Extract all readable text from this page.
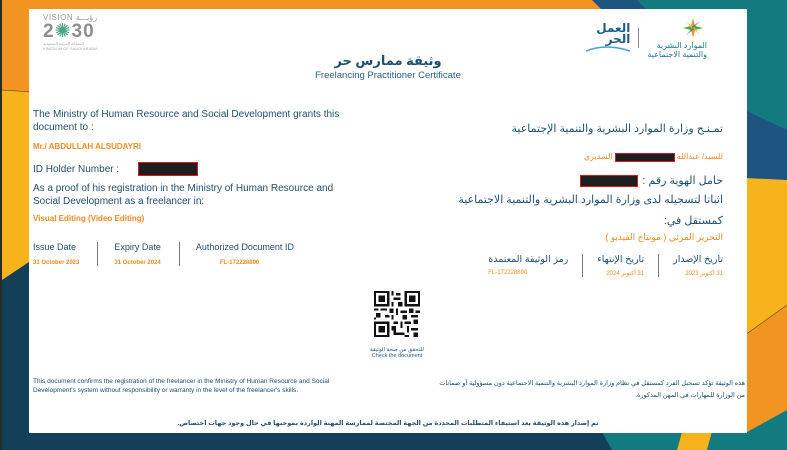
VISION رؤيـــة
2✺30
المملكة العربية السعودية
KINGDOM OF SAUDI ARABIA	الموارد البشرية
والتنمية الاجتماعية
العمل
الحر
وثيقة ممارس حر
Freelancing Practitioner Certificate
The Ministry of Human Resource and Social Development grants this document to :
Mr./ ABDULLAH ALSUDAYRI
ID Holder Number :
As a proof of his registration in the Ministry of Human Resource and Social Development as a freelancer in:
Visual Editing (Video Editing)
Issue Date
31 October 2023
Expiry Date
31 October 2024
Authorized Document ID
FL-172228890
تمـنـح وزارة الموارد البشرية والتنمية الإجتماعية
للسيد/ عبدالله
السديري
حامل الهوية رقم :
اثباتا لتسجيله لدى وزارة الموارد البشرية والتنمية الاجتماعية
كمستقل في:
التحرير المرئي ( مونتاج الفيديو )
تاريخ الإصدار
31 أكتوبر 2023
تاريخ الإنتهاء
31 أكتوبر 2024
رمز الوثيقة المعتمدة
FL-172228890
للتحقق من صحة الوثيقة
Check the document
This document confirms the registration of the freelancer in the Ministry of Human Resource and Social Development's system without responsibility or warranty in the level of the freelancer's skills.
هذه الوثيقة تؤكد تسجيل الفرد كمستقل في نظام وزارة الموارد البشرية والتنمية الاجتماعية دون مسؤولية أو ضمانات من الوزارة للمهارات في المهن المذكورة.
تم إصدار هذه الوثيقة بعد استيفاء المتطلبات المحددة من الجهة المختصة لممارسة المهنة الواردة بموجبها في حال وجود جهات اختصاص.
